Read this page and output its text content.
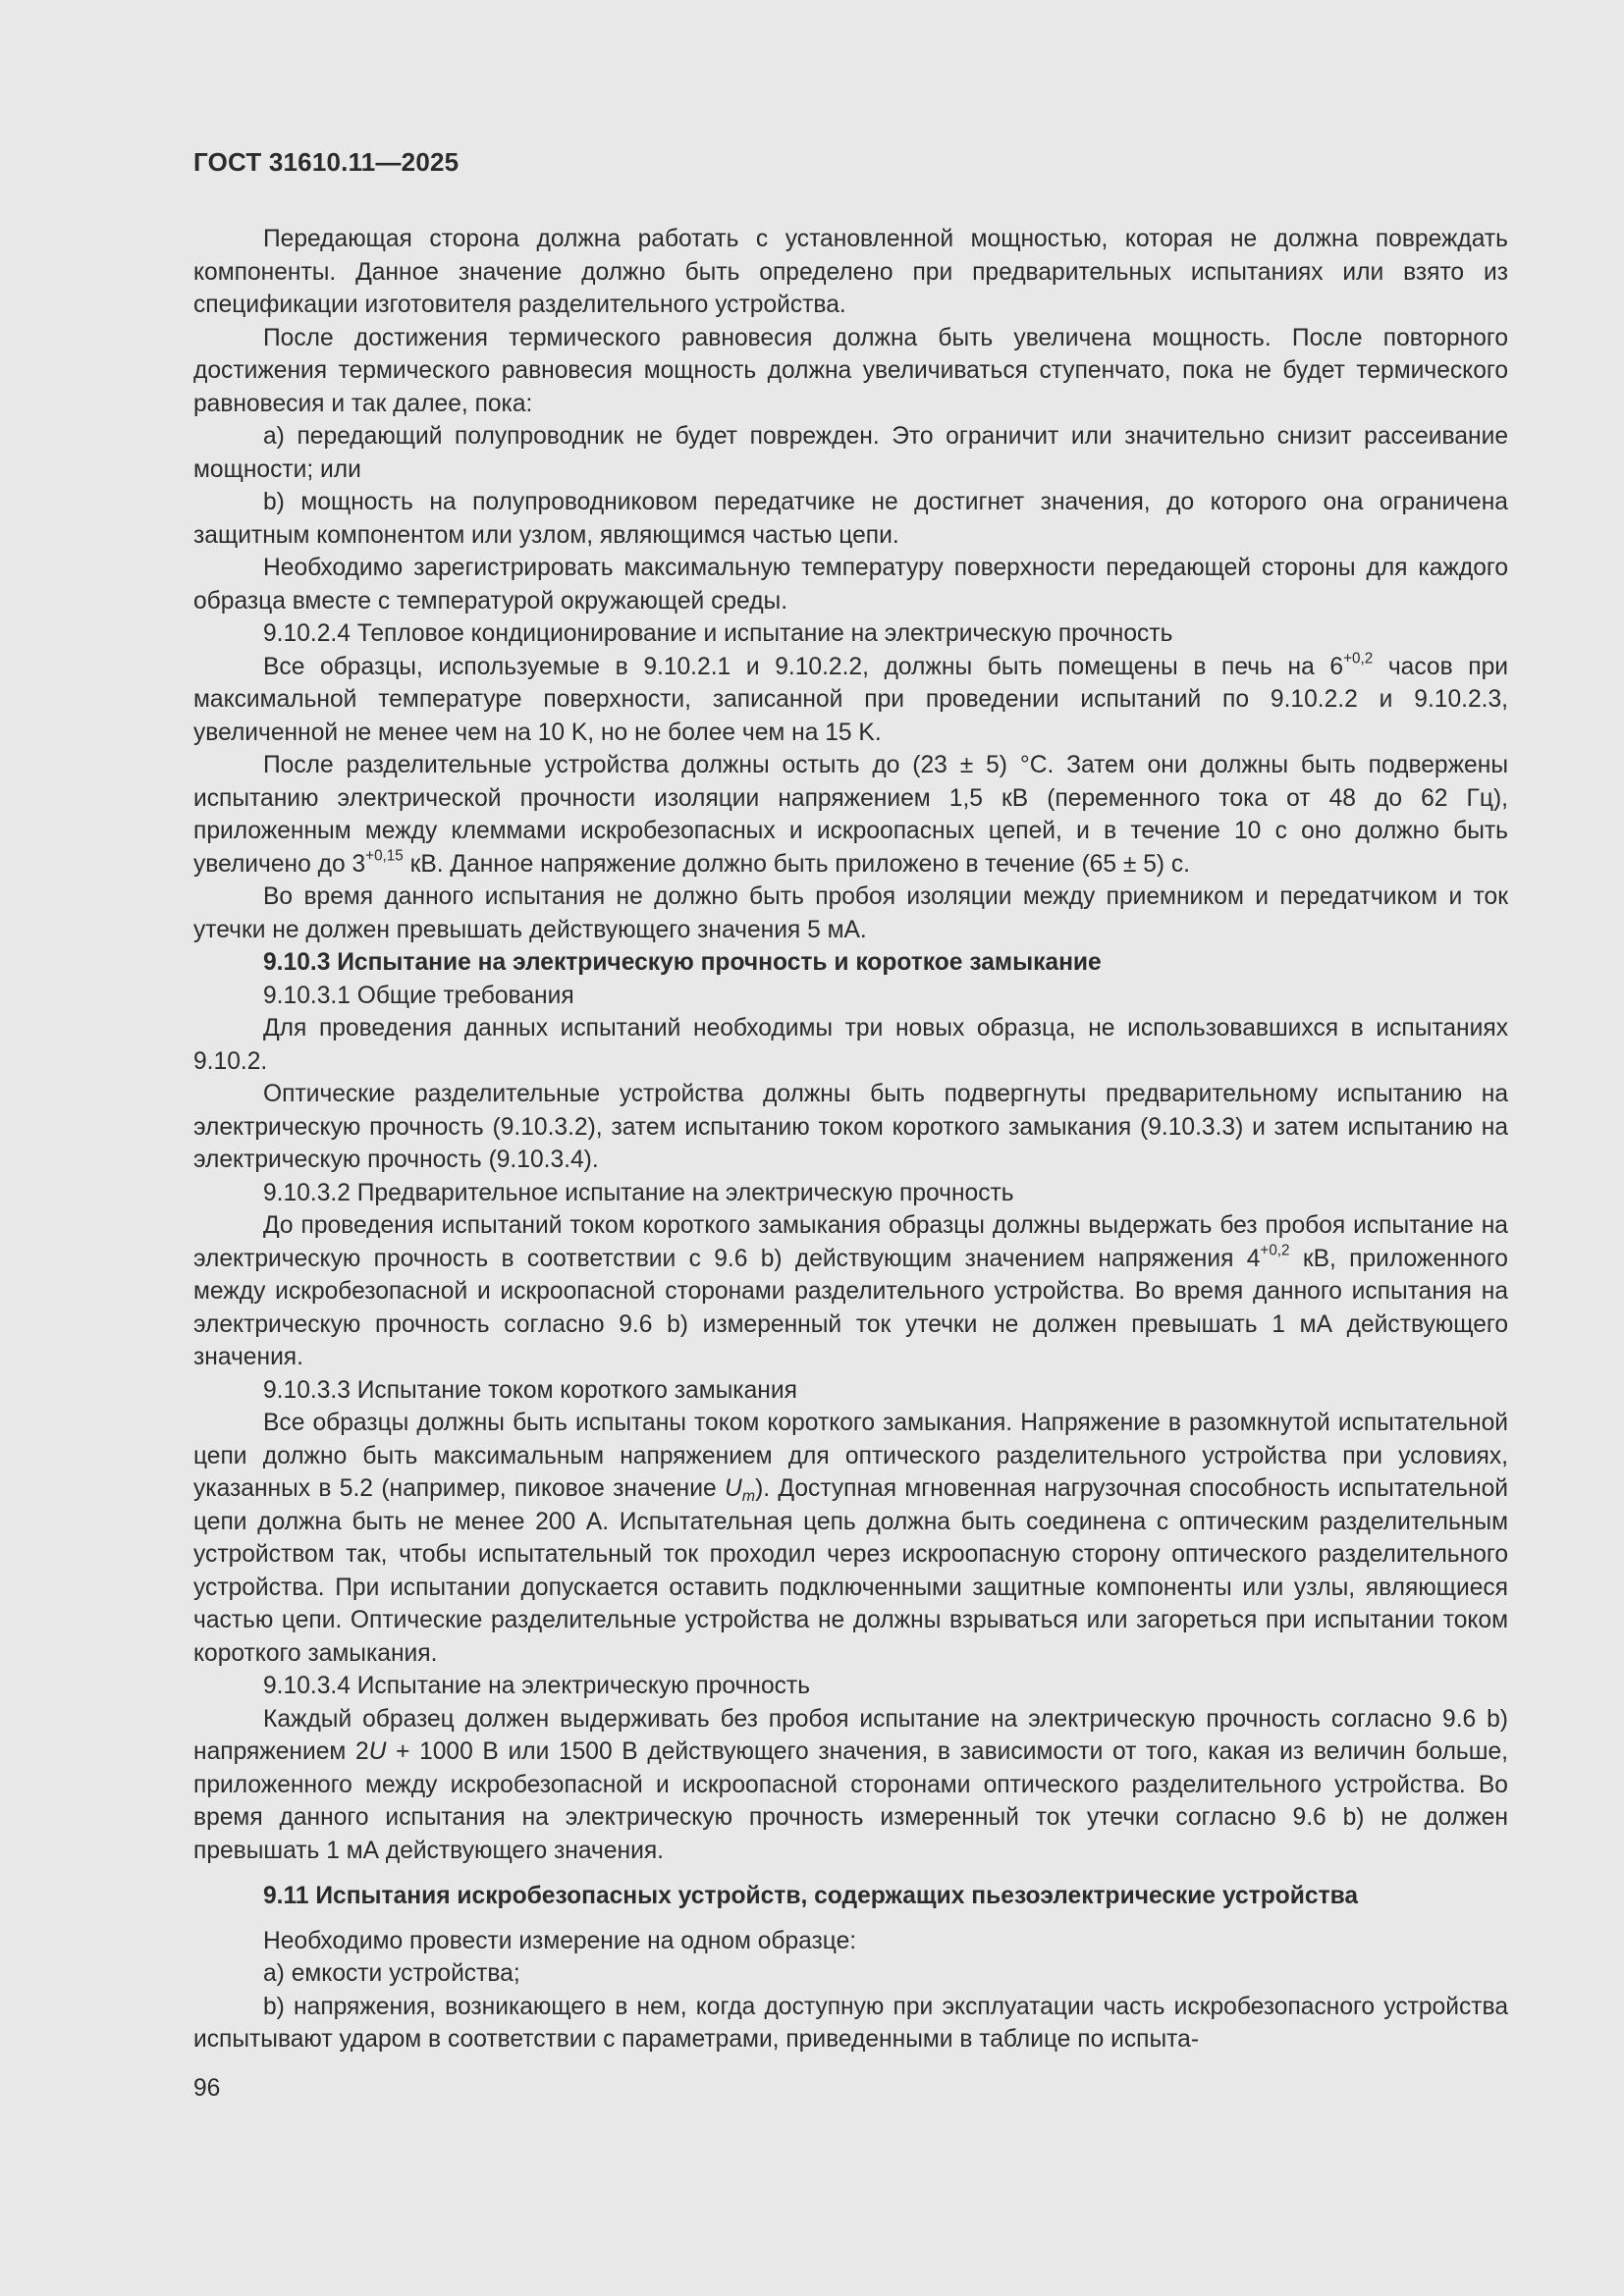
ГОСТ 31610.11—2025

Передающая сторона должна работать с установленной мощностью, которая не должна повреждать компоненты. Данное значение должно быть определено при предварительных испытаниях или взято из спецификации изготовителя разделительного устройства.

После достижения термического равновесия должна быть увеличена мощность. После повторного достижения термического равновесия мощность должна увеличиваться ступенчато, пока не будет термического равновесия и так далее, пока:

a) передающий полупроводник не будет поврежден. Это ограничит или значительно снизит рассеивание мощности; или

b) мощность на полупроводниковом передатчике не достигнет значения, до которого она ограничена защитным компонентом или узлом, являющимся частью цепи.

Необходимо зарегистрировать максимальную температуру поверхности передающей стороны для каждого образца вместе с температурой окружающей среды.

9.10.2.4 Тепловое кондиционирование и испытание на электрическую прочность

Все образцы, используемые в 9.10.2.1 и 9.10.2.2, должны быть помещены в печь на $6^{+0,2}$ часов при максимальной температуре поверхности, записанной при проведении испытаний по 9.10.2.2 и 9.10.2.3, увеличенной не менее чем на 10 K, но не более чем на 15 K.

После разделительные устройства должны остыть до (23 ± 5) °C. Затем они должны быть подвержены испытанию электрической прочности изоляции напряжением 1,5 кВ (переменного тока от 48 до 62 Гц), приложенным между клеммами искробезопасных и искроопасных цепей, и в течение 10 с оно должно быть увеличено до $3^{+0,15}$ кВ. Данное напряжение должно быть приложено в течение (65 ± 5) с.

Во время данного испытания не должно быть пробоя изоляции между приемником и передатчиком и ток утечки не должен превышать действующего значения 5 мА.

9.10.3 Испытание на электрическую прочность и короткое замыкание

9.10.3.1 Общие требования

Для проведения данных испытаний необходимы три новых образца, не использовавшихся в испытаниях 9.10.2.

Оптические разделительные устройства должны быть подвергнуты предварительному испытанию на электрическую прочность (9.10.3.2), затем испытанию током короткого замыкания (9.10.3.3) и затем испытанию на электрическую прочность (9.10.3.4).

9.10.3.2 Предварительное испытание на электрическую прочность

До проведения испытаний током короткого замыкания образцы должны выдержать без пробоя испытание на электрическую прочность в соответствии с 9.6 b) действующим значением напряжения $4^{+0,2}$ кВ, приложенного между искробезопасной и искроопасной сторонами разделительного устройства. Во время данного испытания на электрическую прочность согласно 9.6 b) измеренный ток утечки не должен превышать 1 мА действующего значения.

9.10.3.3 Испытание током короткого замыкания

Все образцы должны быть испытаны током короткого замыкания. Напряжение в разомкнутой испытательной цепи должно быть максимальным напряжением для оптического разделительного устройства при условиях, указанных в 5.2 (например, пиковое значение $U_m$). Доступная мгновенная нагрузочная способность испытательной цепи должна быть не менее 200 А. Испытательная цепь должна быть соединена с оптическим разделительным устройством так, чтобы испытательный ток проходил через искроопасную сторону оптического разделительного устройства. При испытании допускается оставить подключенными защитные компоненты или узлы, являющиеся частью цепи. Оптические разделительные устройства не должны взрываться или загореться при испытании током короткого замыкания.

9.10.3.4 Испытание на электрическую прочность

Каждый образец должен выдерживать без пробоя испытание на электрическую прочность согласно 9.6 b) напряжением 2U + 1000 В или 1500 В действующего значения, в зависимости от того, какая из величин больше, приложенного между искробезопасной и искроопасной сторонами оптического разделительного устройства. Во время данного испытания на электрическую прочность измеренный ток утечки согласно 9.6 b) не должен превышать 1 мА действующего значения.

9.11 Испытания искробезопасных устройств, содержащих пьезоэлектрические устройства

Необходимо провести измерение на одном образце:

a) емкости устройства;

b) напряжения, возникающего в нем, когда доступную при эксплуатации часть искробезопасного устройства испытывают ударом в соответствии с параметрами, приведенными в таблице по испыта-

96
